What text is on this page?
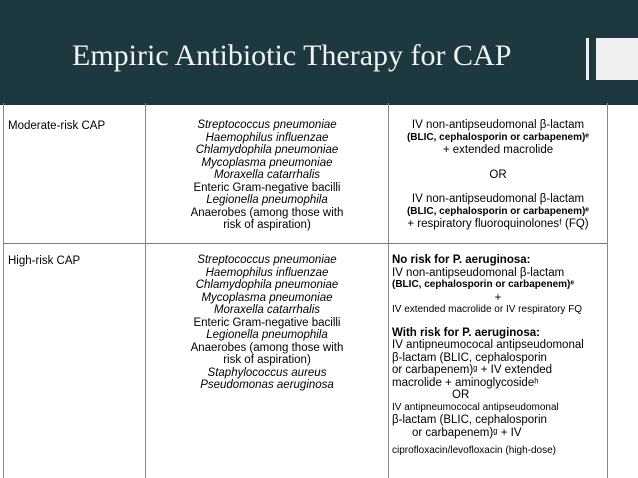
Empiric Antibiotic Therapy for CAP
Moderate-risk CAP	Streptococcus pneumoniae
Haemophilus influenzae
Chlamydophila pneumoniae
Mycoplasma pneumoniae
Moraxella catarrhalis
Enteric Gram-negative bacilli
Legionella pneumophila
Anaerobes (among those with
risk of aspiration)
IV non-antipseudomonal β-lactam
(BLIC, cephalosporin or carbapenem)ᵉ
+ extended macrolide
OR
IV non-antipseudomonal β-lactam
(BLIC, cephalosporin or carbapenem)ᵉ
+ respiratory fluoroquinolonesᶠ (FQ)
High-risk CAP	Streptococcus pneumoniae
Haemophilus influenzae
Chlamydophila pneumoniae
Mycoplasma pneumoniae
Moraxella catarrhalis
Enteric Gram-negative bacilli
Legionella pneumophila
Anaerobes (among those with
risk of aspiration)
Staphylococcus aureus
Pseudomonas aeruginosa
No risk for P. aeruginosa:
IV non-antipseudomonal β-lactam
(BLIC, cephalosporin or carbapenem)ᵉ
+
IV extended macrolide or IV respiratory FQ
With risk for P. aeruginosa:
IV antipneumococal antipseudomonal
β-lactam (BLIC, cephalosporin
or carbapenem)ᵍ + IV extended
macrolide + aminoglycosideʰ
OR
IV antipneumococal antipseudomonal
β-lactam (BLIC, cephalosporin
or carbapenem)ᵍ + IV
ciprofloxacin/levofloxacin (high-dose)
